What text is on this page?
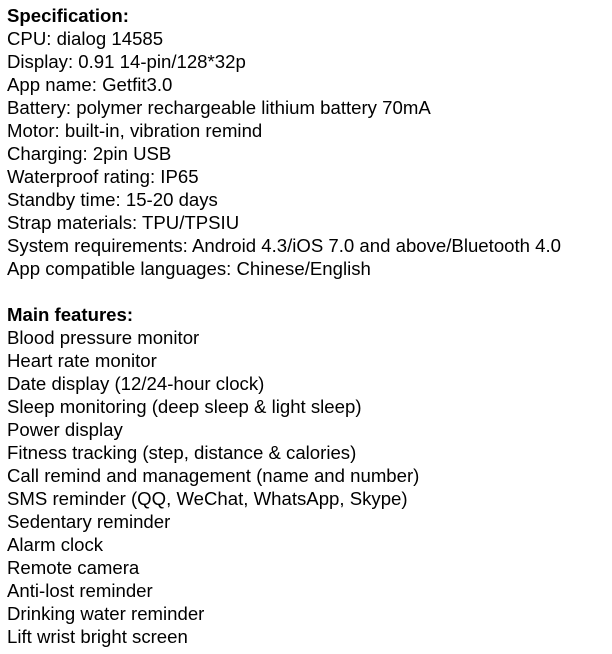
Specification:
CPU: dialog 14585
Display: 0.91 14-pin/128*32p
App name: Getfit3.0
Battery: polymer rechargeable lithium battery 70mA
Motor: built-in, vibration remind
Charging: 2pin USB
Waterproof rating: IP65
Standby time: 15-20 days
Strap materials: TPU/TPSIU
System requirements: Android 4.3/iOS 7.0 and above/Bluetooth 4.0
App compatible languages: Chinese/English
Main features:
Blood pressure monitor
Heart rate monitor
Date display (12/24-hour clock)
Sleep monitoring (deep sleep & light sleep)
Power display
Fitness tracking (step, distance & calories)
Call remind and management (name and number)
SMS reminder (QQ, WeChat, WhatsApp, Skype)
Sedentary reminder
Alarm clock
Remote camera
Anti-lost reminder
Drinking water reminder
Lift wrist bright screen
